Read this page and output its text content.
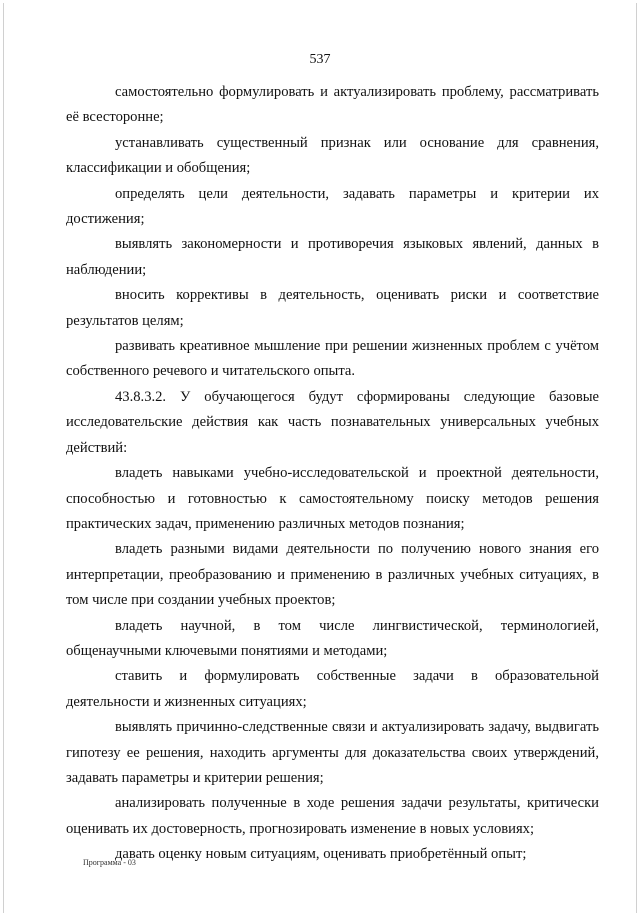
537

самостоятельно формулировать и актуализировать проблему, рассматривать её всесторонне;

устанавливать существенный признак или основание для сравнения, классификации и обобщения;

определять цели деятельности, задавать параметры и критерии их достижения;

выявлять закономерности и противоречия языковых явлений, данных в наблюдении;

вносить коррективы в деятельность, оценивать риски и соответствие результатов целям;

развивать креативное мышление при решении жизненных проблем с учётом собственного речевого и читательского опыта.

43.8.3.2. У обучающегося будут сформированы следующие базовые исследовательские действия как часть познавательных универсальных учебных действий:

владеть навыками учебно-исследовательской и проектной деятельности, способностью и готовностью к самостоятельному поиску методов решения практических задач, применению различных методов познания;

владеть разными видами деятельности по получению нового знания его интерпретации, преобразованию и применению в различных учебных ситуациях, в том числе при создании учебных проектов;

владеть научной, в том числе лингвистической, терминологией, общенаучными ключевыми понятиями и методами;

ставить и формулировать собственные задачи в образовательной деятельности и жизненных ситуациях;

выявлять причинно-следственные связи и актуализировать задачу, выдвигать гипотезу ее решения, находить аргументы для доказательства своих утверждений, задавать параметры и критерии решения;

анализировать полученные в ходе решения задачи результаты, критически оценивать их достоверность, прогнозировать изменение в новых условиях;

давать оценку новым ситуациям, оценивать приобретённый опыт;

Программа - 03
